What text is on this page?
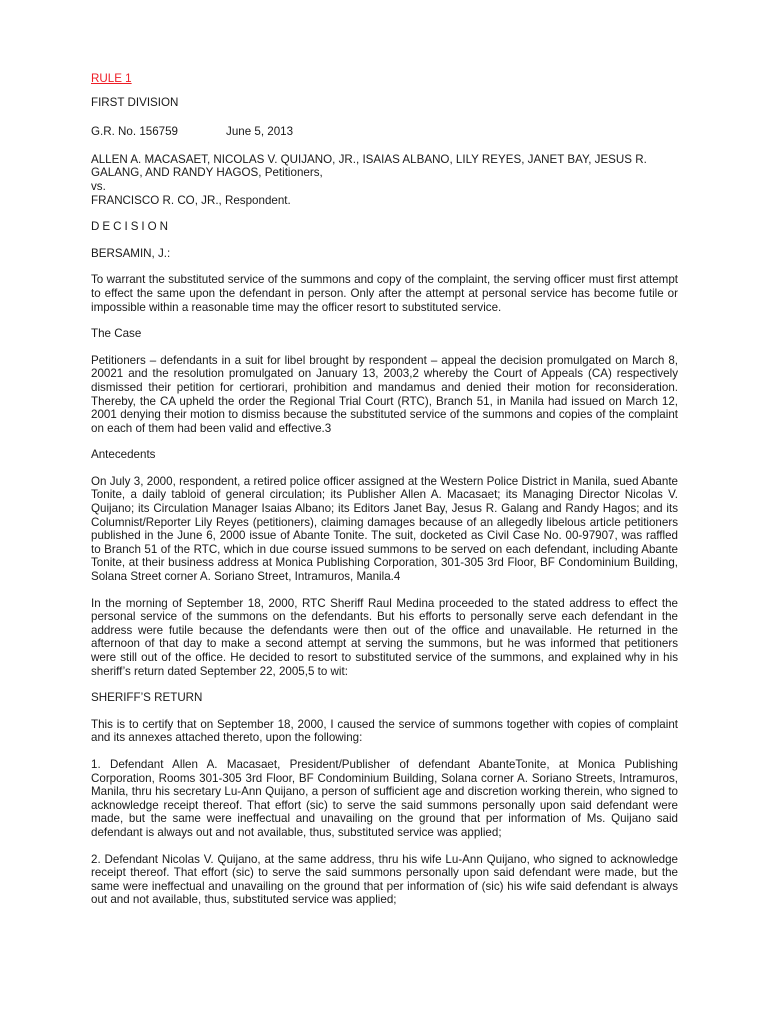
RULE 1
FIRST DIVISION
G.R. No. 156759	June 5, 2013
ALLEN A. MACASAET, NICOLAS V. QUIJANO, JR., ISAIAS ALBANO, LILY REYES, JANET BAY, JESUS R. GALANG, AND RANDY HAGOS, Petitioners,
vs.
FRANCISCO R. CO, JR., Respondent.
DECISION
BERSAMIN, J.:
To warrant the substituted service of the summons and copy of the complaint, the serving officer must first attempt to effect the same upon the defendant in person. Only after the attempt at personal service has become futile or impossible within a reasonable time may the officer resort to substituted service.
The Case
Petitioners – defendants in a suit for libel brought by respondent – appeal the decision promulgated on March 8, 20021 and the resolution promulgated on January 13, 2003,2 whereby the Court of Appeals (CA) respectively dismissed their petition for certiorari, prohibition and mandamus and denied their motion for reconsideration. Thereby, the CA upheld the order the Regional Trial Court (RTC), Branch 51, in Manila had issued on March 12, 2001 denying their motion to dismiss because the substituted service of the summons and copies of the complaint on each of them had been valid and effective.3
Antecedents
On July 3, 2000, respondent, a retired police officer assigned at the Western Police District in Manila, sued Abante Tonite, a daily tabloid of general circulation; its Publisher Allen A. Macasaet; its Managing Director Nicolas V. Quijano; its Circulation Manager Isaias Albano; its Editors Janet Bay, Jesus R. Galang and Randy Hagos; and its Columnist/Reporter Lily Reyes (petitioners), claiming damages because of an allegedly libelous article petitioners published in the June 6, 2000 issue of Abante Tonite. The suit, docketed as Civil Case No. 00-97907, was raffled to Branch 51 of the RTC, which in due course issued summons to be served on each defendant, including Abante Tonite, at their business address at Monica Publishing Corporation, 301-305 3rd Floor, BF Condominium Building, Solana Street corner A. Soriano Street, Intramuros, Manila.4
In the morning of September 18, 2000, RTC Sheriff Raul Medina proceeded to the stated address to effect the personal service of the summons on the defendants. But his efforts to personally serve each defendant in the address were futile because the defendants were then out of the office and unavailable. He returned in the afternoon of that day to make a second attempt at serving the summons, but he was informed that petitioners were still out of the office. He decided to resort to substituted service of the summons, and explained why in his sheriff’s return dated September 22, 2005,5 to wit:
SHERIFF’S RETURN
This is to certify that on September 18, 2000, I caused the service of summons together with copies of complaint and its annexes attached thereto, upon the following:
1. Defendant Allen A. Macasaet, President/Publisher of defendant AbanteTonite, at Monica Publishing Corporation, Rooms 301-305 3rd Floor, BF Condominium Building, Solana corner A. Soriano Streets, Intramuros, Manila, thru his secretary Lu-Ann Quijano, a person of sufficient age and discretion working therein, who signed to acknowledge receipt thereof. That effort (sic) to serve the said summons personally upon said defendant were made, but the same were ineffectual and unavailing on the ground that per information of Ms. Quijano said defendant is always out and not available, thus, substituted service was applied;
2. Defendant Nicolas V. Quijano, at the same address, thru his wife Lu-Ann Quijano, who signed to acknowledge receipt thereof. That effort (sic) to serve the said summons personally upon said defendant were made, but the same were ineffectual and unavailing on the ground that per information of (sic) his wife said defendant is always out and not available, thus, substituted service was applied;
